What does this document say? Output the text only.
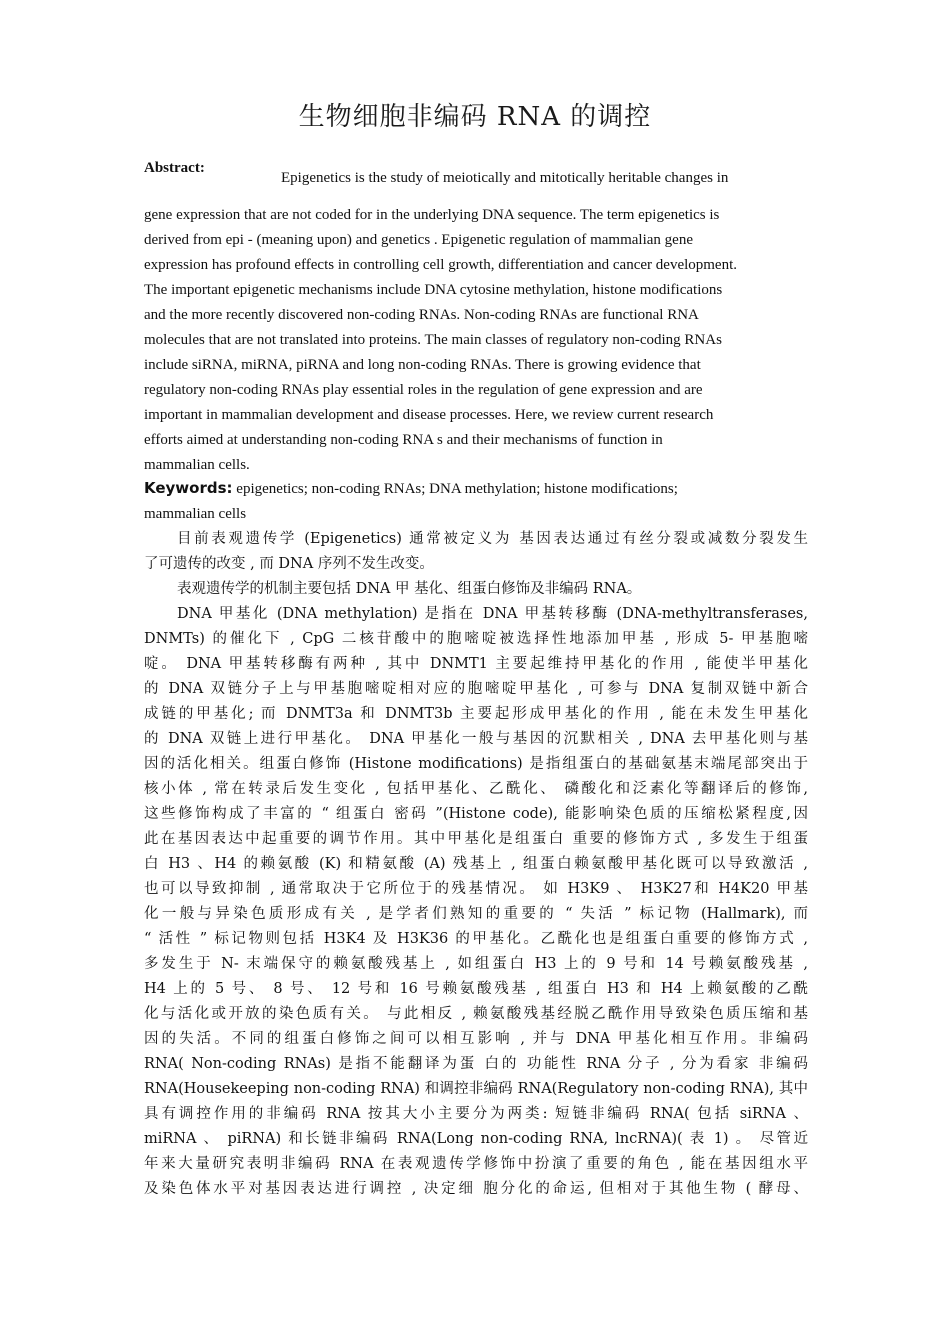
生物细胞非编码 RNA 的调控
Abstract:
Epigenetics is the study of meiotically and mitotically heritable changes in
gene expression that are not coded for in the underlying DNA sequence. The term epigenetics is
derived from epi - (meaning upon) and genetics . Epigenetic regulation of mammalian gene
expression has profound effects in controlling cell growth, differentiation and cancer development.
The important epigenetic mechanisms include DNA cytosine methylation, histone modifications
and the more recently discovered non-coding RNAs. Non-coding RNAs are functional RNA
molecules that are not translated into proteins. The main classes of regulatory non-coding RNAs
include siRNA, miRNA, piRNA and long non-coding RNAs. There is growing evidence that
regulatory non-coding RNAs play essential roles in the regulation of gene expression and are
important in mammalian development and disease processes. Here, we review current research
efforts aimed at understanding non-coding RNA s and their mechanisms of function in
mammalian cells.
Keywords: epigenetics; non-coding RNAs; DNA methylation; histone modifications;
mammalian cells
目前表观遗传学 (Epigenetics) 通常被定义为 基因表达通过有丝分裂或减数分裂发生
了可遗传的改变 , 而 DNA 序列不发生改变。
表观遗传学的机制主要包括 DNA 甲 基化、组蛋白修饰及非编码 RNA。
DNA 甲基化 (DNA methylation) 是指在 DNA 甲基转移酶 (DNA-methyltransferases,
DNMTs) 的催化下 , CpG 二核苷酸中的胞嘧啶被选择性地添加甲基 , 形成 5- 甲基胞嘧
啶。 DNA 甲基转移酶有两种 , 其中 DNMT1 主要起维持甲基化的作用 , 能使半甲基化
的 DNA 双链分子上与甲基胞嘧啶相对应的胞嘧啶甲基化 , 可参与 DNA 复制双链中新合
成链的甲基化; 而 DNMT3a 和 DNMT3b 主要起形成甲基化的作用 , 能在未发生甲基化
的 DNA 双链上进行甲基化。 DNA 甲基化一般与基因的沉默相关 , DNA 去甲基化则与基
因的活化相关。组蛋白修饰 (Histone modifications) 是指组蛋白的基础氨基末端尾部突出于
核小体 , 常在转录后发生变化 , 包括甲基化、乙酰化、 磷酸化和泛素化等翻译后的修饰,
这些修饰构成了丰富的 “ 组蛋白 密码 ”(Histone code), 能影响染色质的压缩松紧程度,因
此在基因表达中起重要的调节作用。其中甲基化是组蛋白 重要的修饰方式 , 多发生于组蛋
白 H3 、H4 的赖氨酸 (K) 和精氨酸 (A) 残基上 , 组蛋白赖氨酸甲基化既可以导致激活 ,
也可以导致抑制 , 通常取决于它所位于的残基情况。 如 H3K9 、 H3K27和 H4K20 甲基
化一般与异染色质形成有关 , 是学者们熟知的重要的 “ 失活 ” 标记物 (Hallmark), 而
“ 活性 ” 标记物则包括 H3K4 及 H3K36 的甲基化。乙酰化也是组蛋白重要的修饰方式 ,
多发生于 N- 末端保守的赖氨酸残基上 , 如组蛋白 H3 上的 9 号和 14 号赖氨酸残基 ,
H4 上的 5 号、 8 号、 12 号和 16 号赖氨酸残基 , 组蛋白 H3 和 H4 上赖氨酸的乙酰
化与活化或开放的染色质有关。 与此相反 , 赖氨酸残基经脱乙酰作用导致染色质压缩和基
因的失活。不同的组蛋白修饰之间可以相互影响 , 并与 DNA 甲基化相互作用。非编码
RNA( Non-coding RNAs) 是指不能翻译为蛋 白的 功能性 RNA 分子 , 分为看家 非编码
RNA(Housekeeping non-coding RNA) 和调控非编码 RNA(Regulatory non-coding RNA), 其中
具有调控作用的非编码 RNA 按其大小主要分为两类: 短链非编码 RNA( 包括 siRNA 、
miRNA 、 piRNA) 和长链非编码 RNA(Long non-coding RNA, lncRNA)( 表 1) 。 尽管近
年来大量研究表明非编码 RNA 在表观遗传学修饰中扮演了重要的角色 , 能在基因组水平
及染色体水平对基因表达进行调控 , 决定细 胞分化的命运, 但相对于其他生物 ( 酵母、
